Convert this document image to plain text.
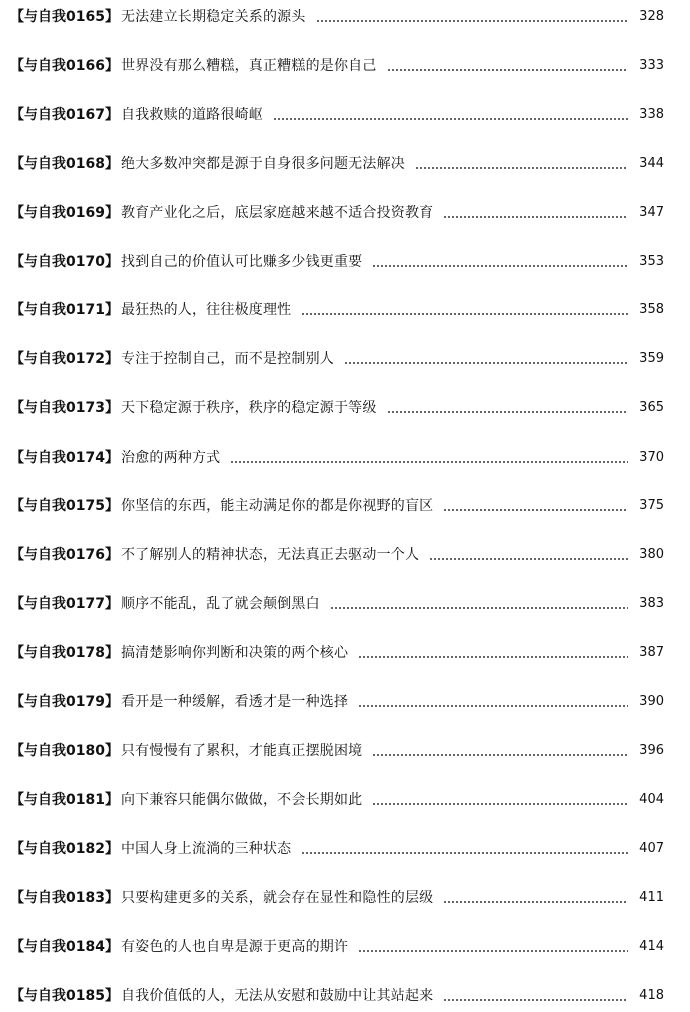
【与自我0165】 无法建立长期稳定关系的源头	328
【与自我0166】 世界没有那么糟糕，真正糟糕的是你自己	333
【与自我0167】 自我救赎的道路很崎岖	338
【与自我0168】 绝大多数冲突都是源于自身很多问题无法解决	344
【与自我0169】 教育产业化之后，底层家庭越来越不适合投资教育	347
【与自我0170】 找到自己的价值认可比赚多少钱更重要	353
【与自我0171】 最狂热的人，往往极度理性	358
【与自我0172】 专注于控制自己，而不是控制别人	359
【与自我0173】 天下稳定源于秩序，秩序的稳定源于等级	365
【与自我0174】 治愈的两种方式	370
【与自我0175】 你坚信的东西，能主动满足你的都是你视野的盲区	375
【与自我0176】 不了解别人的精神状态，无法真正去驱动一个人	380
【与自我0177】 顺序不能乱，乱了就会颠倒黑白	383
【与自我0178】 搞清楚影响你判断和决策的两个核心	387
【与自我0179】 看开是一种缓解，看透才是一种选择	390
【与自我0180】 只有慢慢有了累积，才能真正摆脱困境	396
【与自我0181】 向下兼容只能偶尔做做，不会长期如此	404
【与自我0182】 中国人身上流淌的三种状态	407
【与自我0183】 只要构建更多的关系，就会存在显性和隐性的层级	411
【与自我0184】 有姿色的人也自卑是源于更高的期许	414
【与自我0185】 自我价值低的人，无法从安慰和鼓励中让其站起来	418
